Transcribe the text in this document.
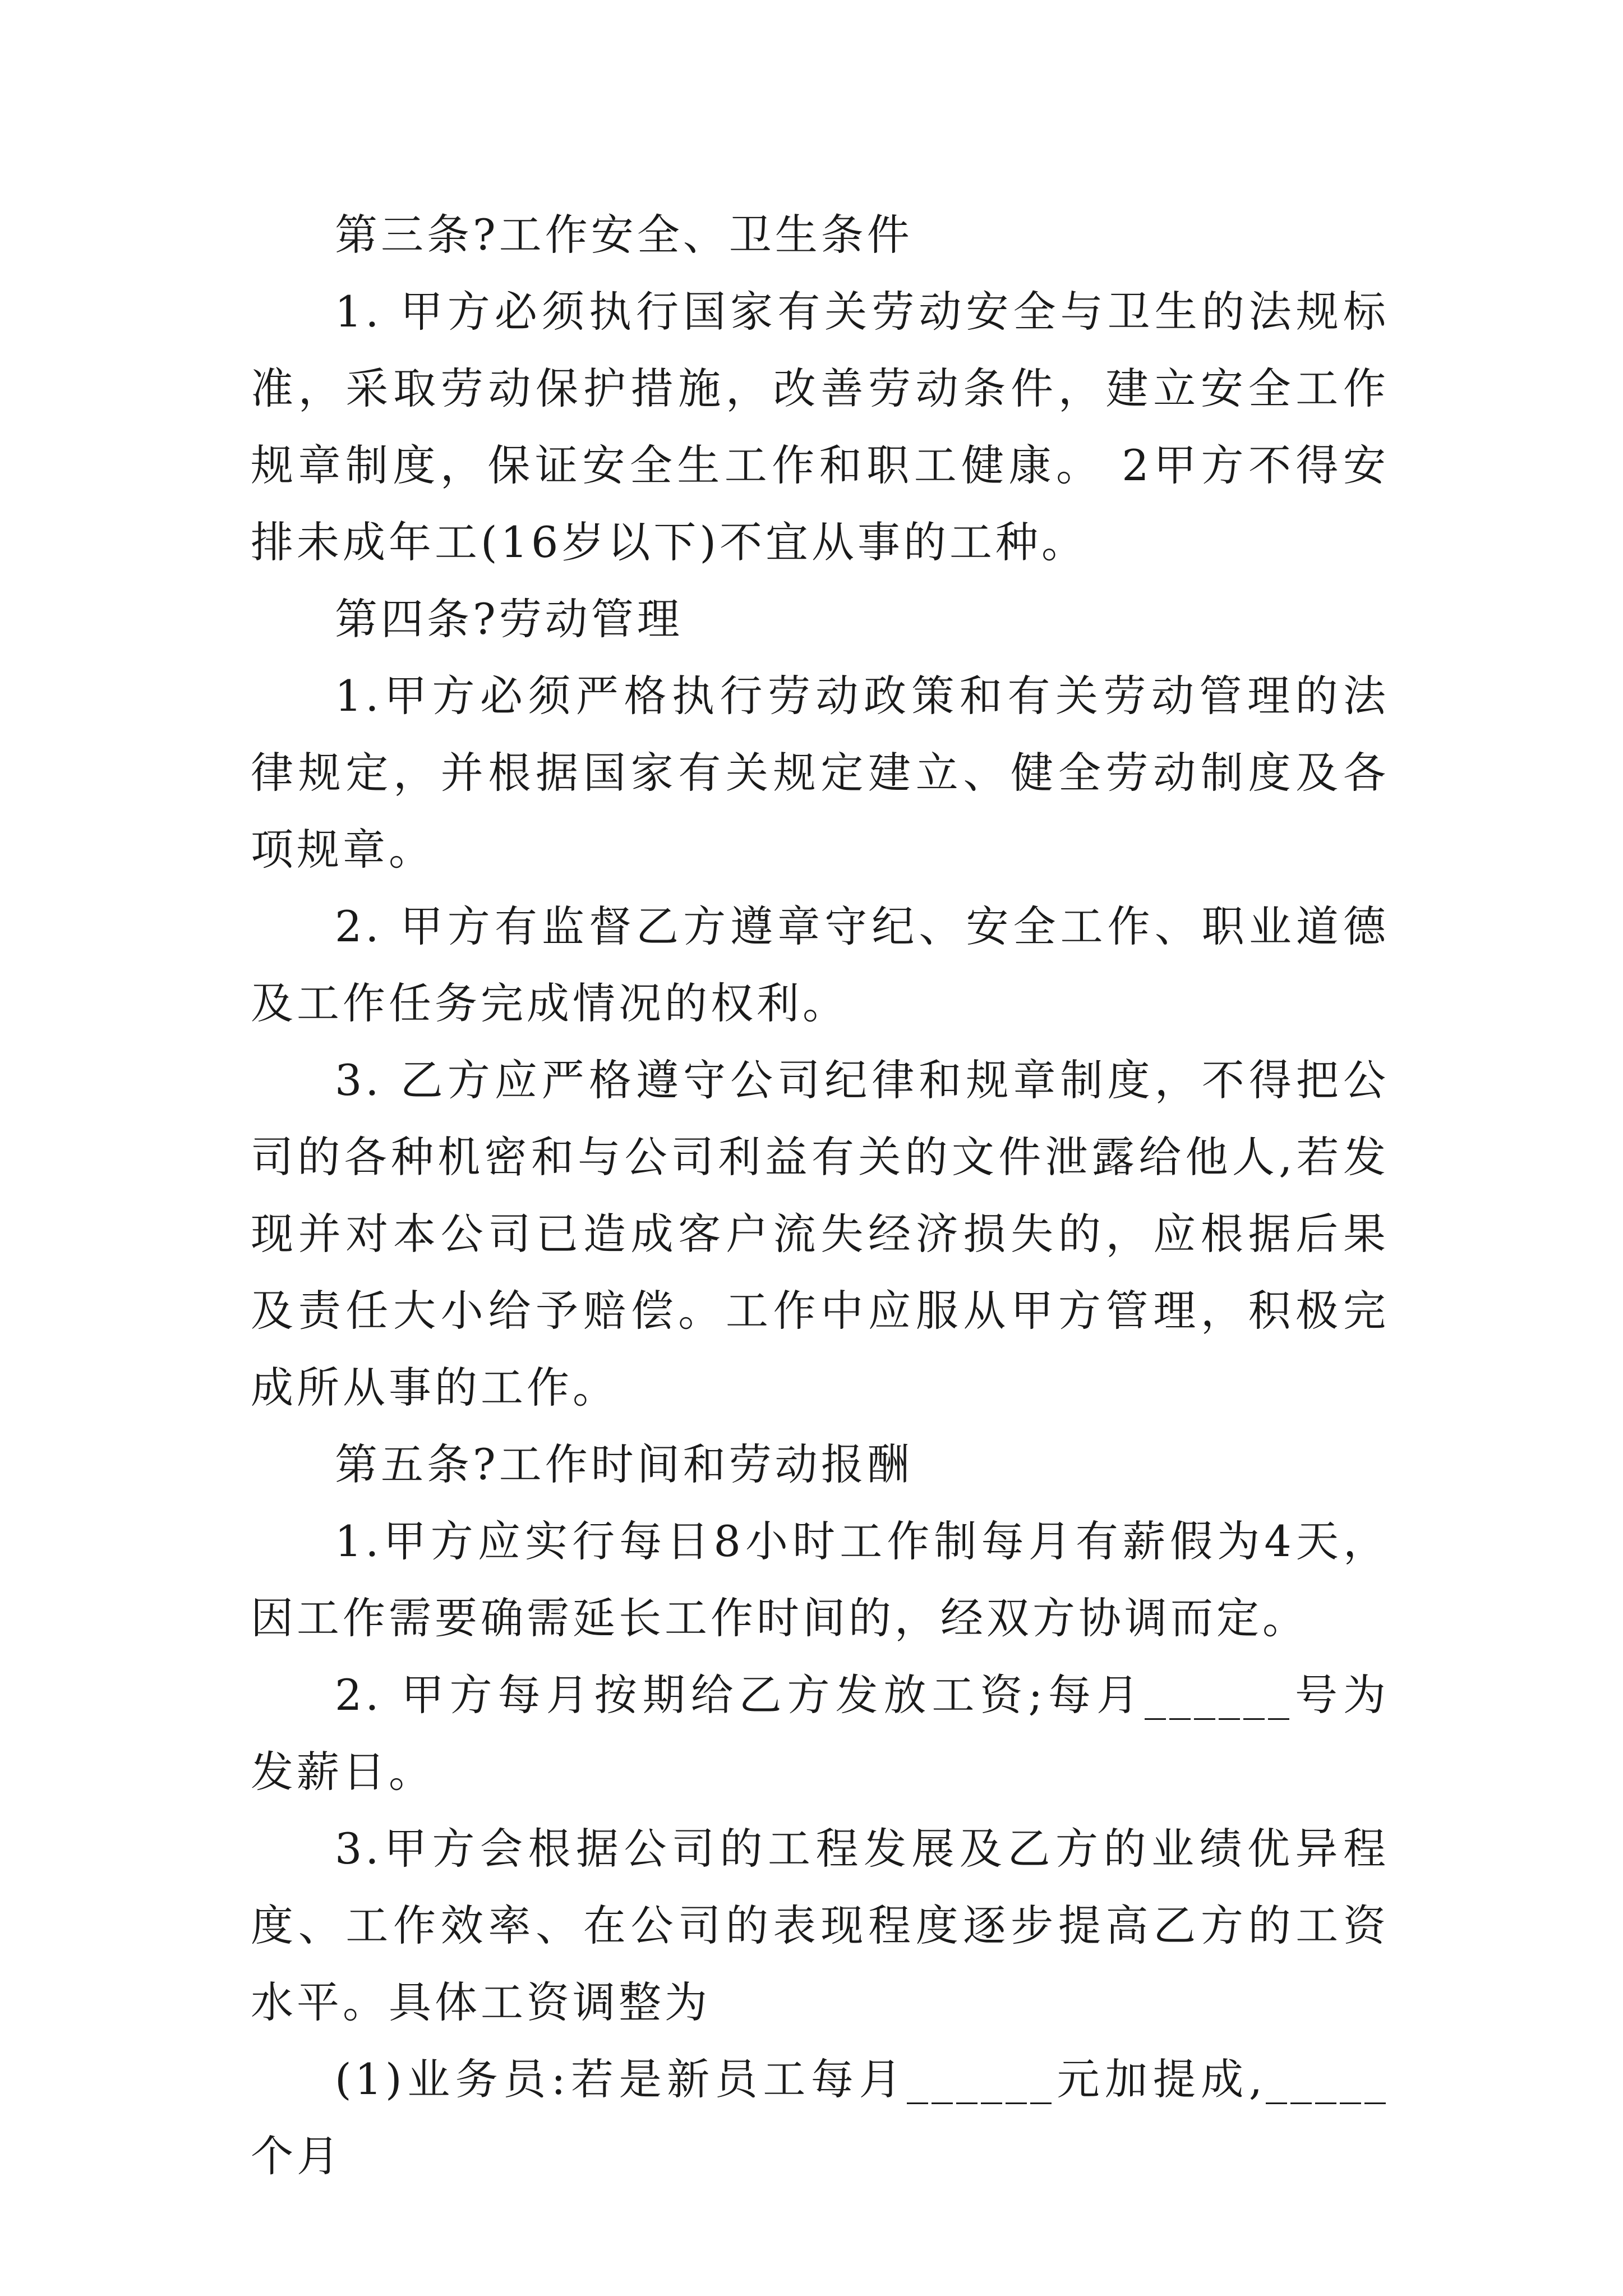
第三条?工作安全、卫生条件

1. 甲方必须执行国家有关劳动安全与卫生的法规标准，采取劳动保护措施，改善劳动条件，建立安全工作规章制度，保证安全生工作和职工健康。 2甲方不得安排未成年工(16岁以下)不宜从事的工种。

第四条?劳动管理

1.甲方必须严格执行劳动政策和有关劳动管理的法律规定，并根据国家有关规定建立、健全劳动制度及各项规章。

2. 甲方有监督乙方遵章守纪、安全工作、职业道德及工作任务完成情况的权利。

3. 乙方应严格遵守公司纪律和规章制度，不得把公司的各种机密和与公司利益有关的文件泄露给他人,若发现并对本公司已造成客户流失经济损失的，应根据后果及责任大小给予赔偿。工作中应服从甲方管理，积极完成所从事的工作。

第五条?工作时间和劳动报酬

1.甲方应实行每日8小时工作制每月有薪假为4天，因工作需要确需延长工作时间的，经双方协调而定。

2. 甲方每月按期给乙方发放工资;每月______号为发薪日。

3.甲方会根据公司的工程发展及乙方的业绩优异程度、工作效率、在公司的表现程度逐步提高乙方的工资水平。具体工资调整为

(1)业务员:若是新员工每月______元加提成,_____个月
